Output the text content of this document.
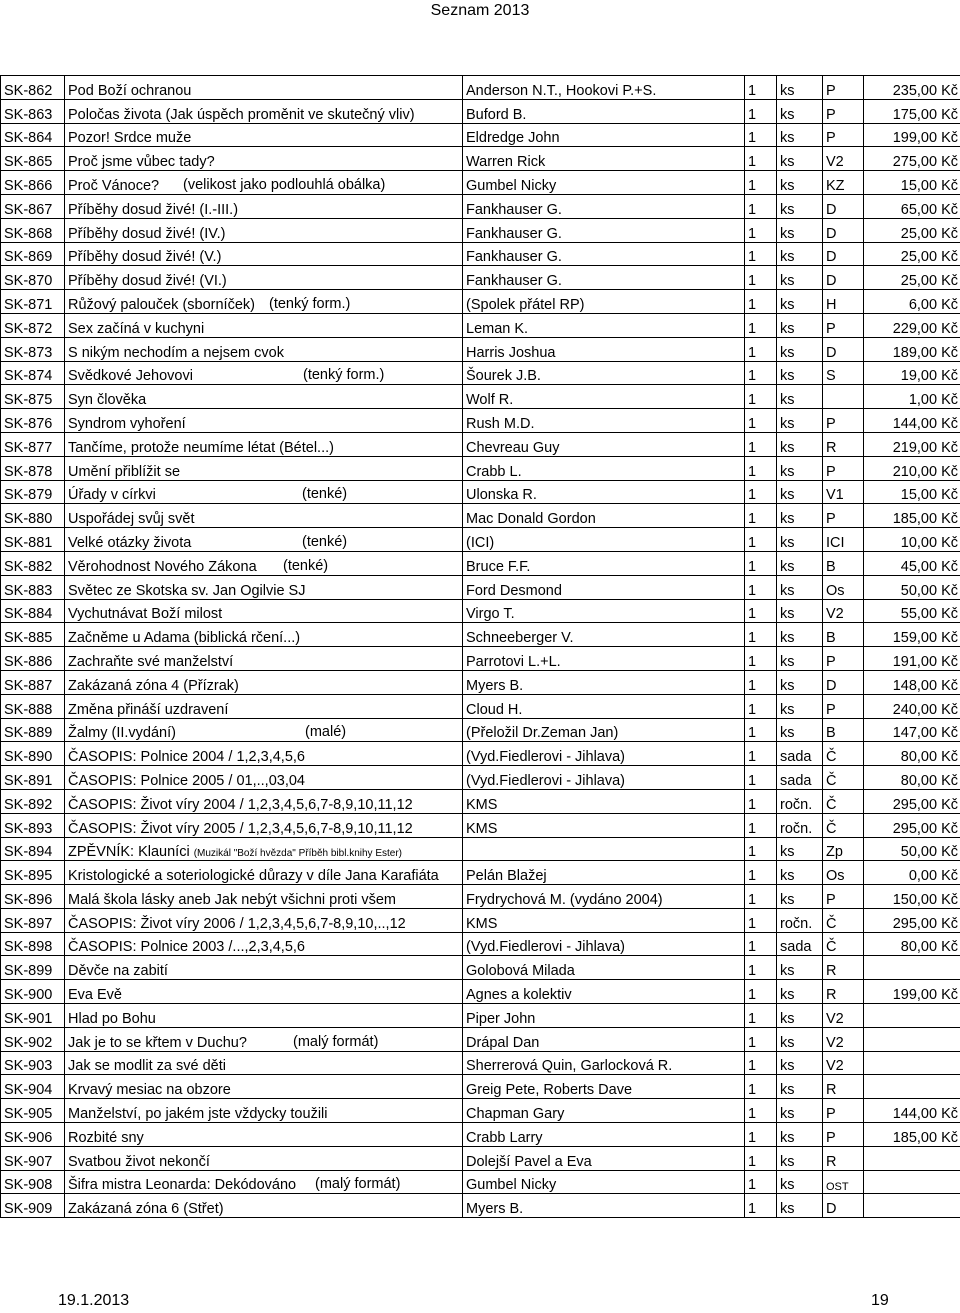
Seznam 2013
SK-862	Pod Boží ochranou	Anderson N.T., Hookovi P.+S.	1	ks	P	235,00 Kč
SK-863	Poločas života (Jak úspěch proměnit ve skutečný vliv)	Buford B.	1	ks	P	175,00 Kč
SK-864	Pozor! Srdce muže	Eldredge John	1	ks	P	199,00 Kč
SK-865	Proč jsme vůbec tady?	Warren Rick	1	ks	V2	275,00 Kč
SK-866	Proč Vánoce? (velikost jako podlouhlá obálka)	Gumbel Nicky	1	ks	KZ	15,00 Kč
SK-867	Příběhy dosud živé! (I.-III.)	Fankhauser G.	1	ks	D	65,00 Kč
SK-868	Příběhy dosud živé! (IV.)	Fankhauser G.	1	ks	D	25,00 Kč
SK-869	Příběhy dosud živé! (V.)	Fankhauser G.	1	ks	D	25,00 Kč
SK-870	Příběhy dosud živé! (VI.)	Fankhauser G.	1	ks	D	25,00 Kč
SK-871	Růžový palouček (sborníček) (tenký form.)	(Spolek přátel RP)	1	ks	H	6,00 Kč
SK-872	Sex začíná v kuchyni	Leman K.	1	ks	P	229,00 Kč
SK-873	S nikým nechodím a nejsem cvok	Harris Joshua	1	ks	D	189,00 Kč
SK-874	Svědkové Jehovovi (tenký form.)	Šourek J.B.	1	ks	S	19,00 Kč
SK-875	Syn člověka	Wolf R.	1	ks		1,00 Kč
SK-876	Syndrom vyhoření	Rush M.D.	1	ks	P	144,00 Kč
SK-877	Tančíme, protože neumíme létat (Bétel...)	Chevreau Guy	1	ks	R	219,00 Kč
SK-878	Umění přiblížit se	Crabb L.	1	ks	P	210,00 Kč
SK-879	Úřady v církvi (tenké)	Ulonska R.	1	ks	V1	15,00 Kč
SK-880	Uspořádej svůj svět	Mac Donald Gordon	1	ks	P	185,00 Kč
SK-881	Velké otázky života (tenké)	(ICI)	1	ks	ICI	10,00 Kč
SK-882	Věrohodnost Nového Zákona (tenké)	Bruce F.F.	1	ks	B	45,00 Kč
SK-883	Světec ze Skotska sv. Jan Ogilvie SJ	Ford Desmond	1	ks	Os	50,00 Kč
SK-884	Vychutnávat Boží milost	Virgo T.	1	ks	V2	55,00 Kč
SK-885	Začněme u Adama (biblická rčení...)	Schneeberger V.	1	ks	B	159,00 Kč
SK-886	Zachraňte své manželství	Parrotovi L.+L.	1	ks	P	191,00 Kč
SK-887	Zakázaná zóna 4 (Přízrak)	Myers B.	1	ks	D	148,00 Kč
SK-888	Změna přináší uzdravení	Cloud H.	1	ks	P	240,00 Kč
SK-889	Žalmy (II.vydání) (malé)	(Přeložil Dr.Zeman Jan)	1	ks	B	147,00 Kč
SK-890	ČASOPIS: Polnice 2004 / 1,2,3,4,5,6	(Vyd.Fiedlerovi - Jihlava)	1	sada	Č	80,00 Kč
SK-891	ČASOPIS: Polnice 2005 / 01,..,03,04	(Vyd.Fiedlerovi - Jihlava)	1	sada	Č	80,00 Kč
SK-892	ČASOPIS: Život víry 2004 / 1,2,3,4,5,6,7-8,9,10,11,12	KMS	1	ročn.	Č	295,00 Kč
SK-893	ČASOPIS: Život víry 2005 / 1,2,3,4,5,6,7-8,9,10,11,12	KMS	1	ročn.	Č	295,00 Kč
SK-894	ZPĚVNÍK: Klauníci (Muzikál "Boží hvězda" Příběh bibl.knihy Ester)		1	ks	Zp	50,00 Kč
SK-895	Kristologické a soteriologické důrazy v díle Jana Karafiáta	Pelán Blažej	1	ks	Os	0,00 Kč
SK-896	Malá škola lásky aneb Jak nebýt všichni proti všem	Frydrychová M. (vydáno 2004)	1	ks	P	150,00 Kč
SK-897	ČASOPIS: Život víry 2006 / 1,2,3,4,5,6,7-8,9,10,..,12	KMS	1	ročn.	Č	295,00 Kč
SK-898	ČASOPIS: Polnice 2003 /...,2,3,4,5,6	(Vyd.Fiedlerovi - Jihlava)	1	sada	Č	80,00 Kč
SK-899	Děvče na zabití	Golobová Milada	1	ks	R	
SK-900	Eva Evě	Agnes a kolektiv	1	ks	R	199,00 Kč
SK-901	Hlad po Bohu	Piper John	1	ks	V2	
SK-902	Jak je to se křtem v Duchu? (malý formát)	Drápal Dan	1	ks	V2	
SK-903	Jak se modlit za své děti	Sherrerová Quin, Garlocková R.	1	ks	V2	
SK-904	Krvavý mesiac na obzore	Greig Pete, Roberts Dave	1	ks	R	
SK-905	Manželství, po jakém jste vždycky toužili	Chapman Gary	1	ks	P	144,00 Kč
SK-906	Rozbité sny	Crabb Larry	1	ks	P	185,00 Kč
SK-907	Svatbou život nekončí	Dolejší Pavel a Eva	1	ks	R	
SK-908	Šifra mistra Leonarda: Dekódováno (malý formát)	Gumbel Nicky	1	ks	OST	
SK-909	Zakázaná zóna 6 (Střet)	Myers B.	1	ks	D	
19.1.2013	19
